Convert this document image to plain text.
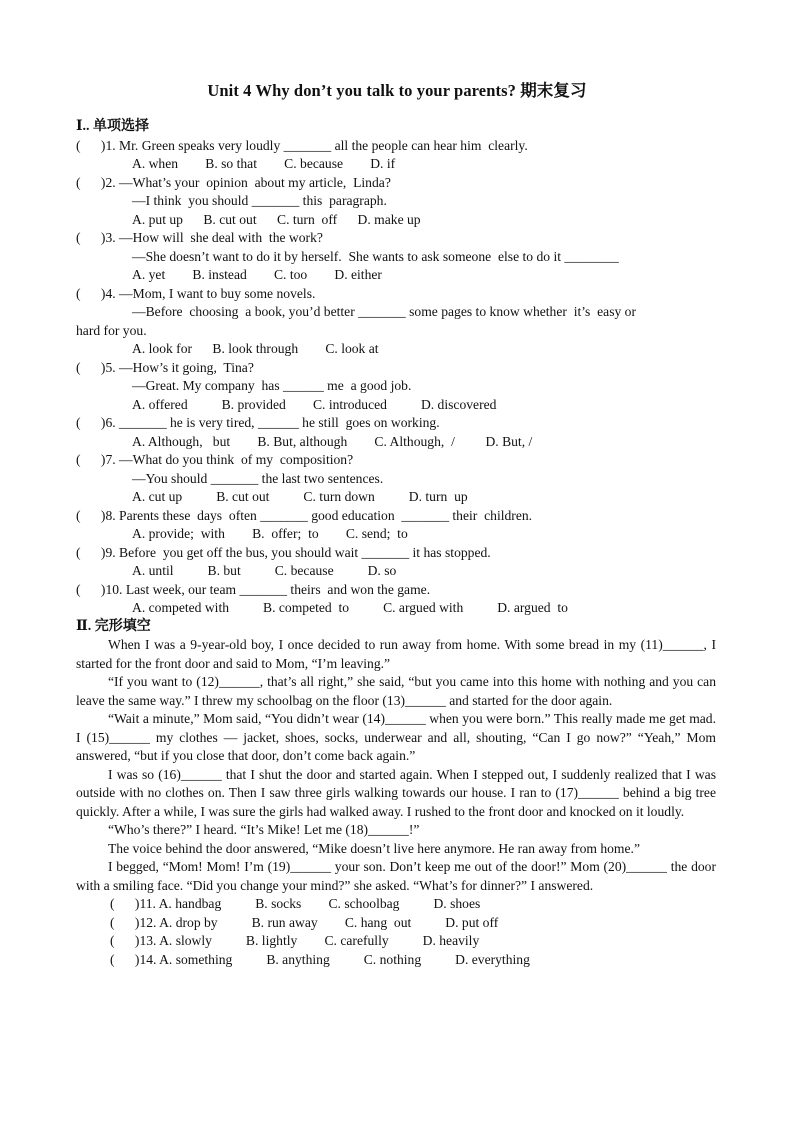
Unit 4 Why don’t you talk to your parents? 期末复习
Ⅰ.. 单项选择
(      )1. Mr. Green speaks very loudly _______ all the people can hear him  clearly.
A. when        B. so that        C. because        D. if
(      )2. —What’s your  opinion  about my article,  Linda?
—I think  you should _______ this  paragraph.
A. put up      B. cut out      C. turn  off      D. make up
(      )3. —How will  she deal with  the work?
—She doesn’t want to do it by herself.  She wants to ask someone  else to do it ________
A. yet        B. instead        C. too        D. either
(      )4. —Mom, I want to buy some novels.
—Before  choosing  a book, you’d better _______ some pages to know whether  it’s  easy or
hard for you.
A. look for      B. look through        C. look at
(      )5. —How’s it going,  Tina?
—Great. My company  has ______ me  a good job.
A. offered          B. provided        C. introduced          D. discovered
(      )6. _______ he is very tired, ______ he still  goes on working.
A. Although,   but        B. But, although        C. Although,  /         D. But, /
(      )7. —What do you think  of my  composition?
—You should _______ the last two sentences.
A. cut up          B. cut out          C. turn down          D. turn  up
(      )8. Parents these  days  often _______ good education  _______ their  children.
A. provide;  with        B.  offer;  to        C. send;  to
(      )9. Before  you get off the bus, you should wait _______ it has stopped.
A. until          B. but          C. because          D. so
(      )10. Last week, our team _______ theirs  and won the game.
A. competed with          B. competed  to          C. argued with          D. argued  to
Ⅱ. 完形填空

When I was a 9-year-old boy, I once decided to run away from home. With some bread in my (11)______, I started for the front door and said to Mom, “I’m leaving.”

“If you want to (12)______, that’s all right,” she said, “but you came into this home with nothing and you can leave the same way.” I threw my schoolbag on the floor (13)______ and started for the door again.

“Wait a minute,” Mom said, “You didn’t wear (14)______ when you were born.” This really made me get mad. I (15)______ my clothes — jacket, shoes, socks, underwear and all, shouting, “Can I go now?” “Yeah,” Mom answered, “but if you close that door, don’t come back again.”

I was so (16)______ that I shut the door and started again. When I stepped out, I suddenly realized that I was outside with no clothes on. Then I saw three girls walking towards our house. I ran to (17)______ behind a big tree quickly. After a while, I was sure the girls had walked away. I rushed to the front door and knocked on it loudly.

“Who’s there?” I heard. “It’s Mike! Let me (18)______!”

The voice behind the door answered, “Mike doesn’t live here anymore. He ran away from home.”

I begged, “Mom! Mom! I’m (19)______ your son. Don’t keep me out of the door!” Mom (20)______ the door with a smiling face. “Did you change your mind?” she asked. “What’s for dinner?” I answered.

(      )11. A. handbag          B. socks        C. schoolbag          D. shoes
(      )12. A. drop by          B. run away        C. hang  out          D. put off
(      )13. A. slowly          B. lightly        C. carefully          D. heavily
(      )14. A. something          B. anything          C. nothing          D. everything
